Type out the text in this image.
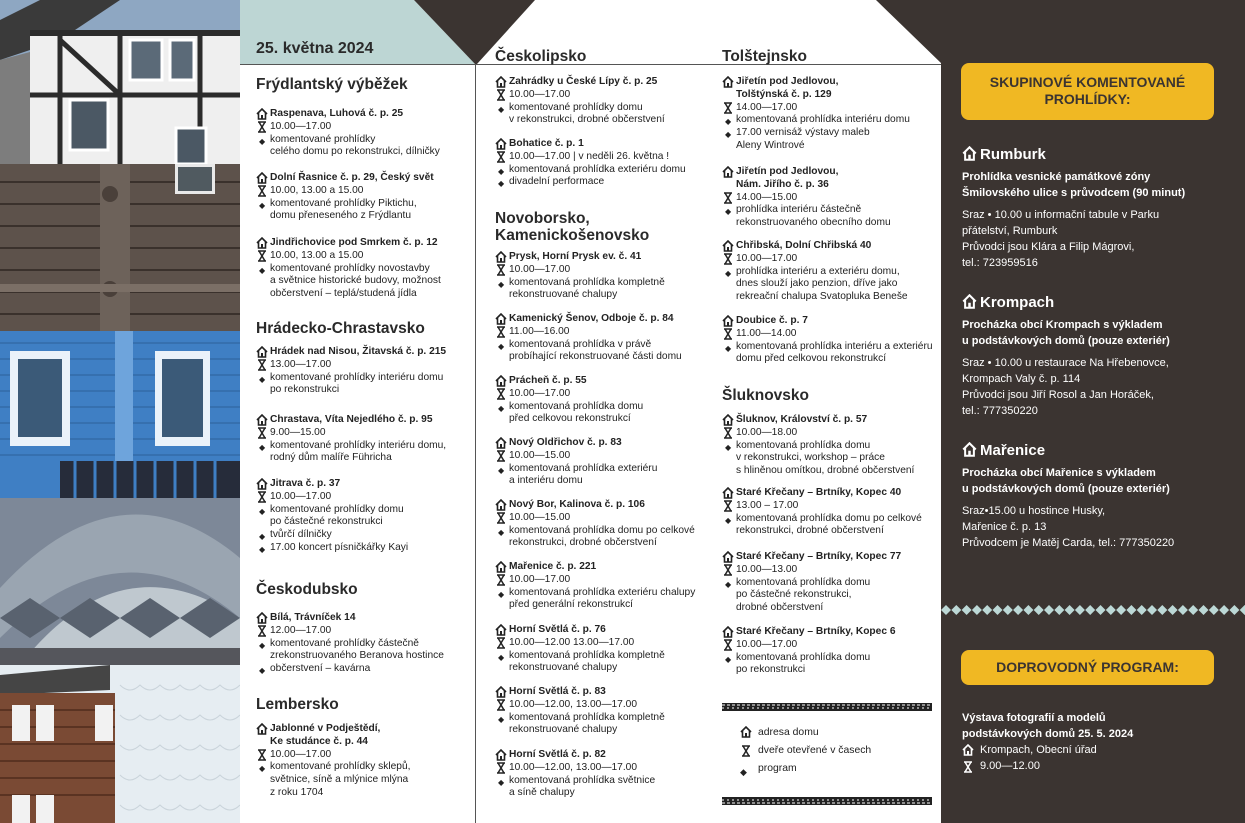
25. května 2024
Frýdlantský výběžek
Raspenava, Luhová č. p. 25
10.00—17.00
◆ komentované prohlídky
celého domu po rekonstrukci, dílničky
Dolní Řasnice č. p. 29, Český svět
10.00, 13.00 a 15.00
◆ komentované prohlídky Piktichu,
domu přeneseného z Frýdlantu
Jindřichovice pod Smrkem č. p. 12
10.00, 13.00 a 15.00
◆ komentované prohlídky novostavby
a světnice historické budovy, možnost
občerstvení – teplá/studená jídla
Hrádecko-Chrastavsko
Hrádek nad Nisou, Žitavská č. p. 215
13.00—17.00
◆ komentované prohlídky interiéru domu
po rekonstrukci
Chrastava, Víta Nejedlého č. p. 95
9.00—15.00
◆ komentované prohlídky interiéru domu,
rodný dům malíře Führicha
Jitrava č. p. 37
10.00—17.00
◆ komentované prohlídky domu
po částečné rekonstrukci
◆ tvůrčí dílničky
◆ 17.00 koncert písničkářky Kayi
Českodubsko
Bílá, Trávníček 14
12.00—17.00
◆ komentované prohlídky částečně
zrekonstruovaného Beranova hostince
◆ občerstvení – kavárna
Lembersko
Jablonné v Podještědí,
Ke studánce č. p. 44
10.00—17.00
◆ komentované prohlídky sklepů,
světnice, síně a mlýnice mlýna
z roku 1704
Českolipsko
Zahrádky u České Lípy č. p. 25
10.00—17.00
◆ komentované prohlídky domu
v rekonstrukci, drobné občerstvení
Bohatice č. p. 1
10.00—17.00 | v neděli 26. května !
◆ komentovaná prohlídka exteriéru domu
◆ divadelní performace
Novoborsko, Kamenickošenovsko
Prysk, Horní Prysk ev. č. 41
10.00—17.00
◆ komentovaná prohlídka kompletně
rekonstruované chalupy
Kamenický Šenov, Odboje č. p. 84
11.00—16.00
◆ komentovaná prohlídka v právě
probíhající rekonstruované části domu
Prácheň č. p. 55
10.00—17.00
◆ komentovaná prohlídka domu
před celkovou rekonstrukcí
Nový Oldřichov č. p. 83
10.00—15.00
◆ komentovaná prohlídka exteriéru
a interiéru domu
Nový Bor, Kalinova č. p. 106
10.00—15.00
◆ komentovaná prohlídka domu po celkové
rekonstrukci, drobné občerstvení
Mařenice č. p. 221
10.00—17.00
◆ komentovaná prohlídka exteriéru chalupy
před generální rekonstrukcí
Horní Světlá č. p. 76
10.00—12.00 13.00—17.00
◆ komentovaná prohlídka kompletně
rekonstruované chalupy
Horní Světlá č. p. 83
10.00—12.00, 13.00—17.00
◆ komentovaná prohlídka kompletně
rekonstruované chalupy
Horní Světlá č. p. 82
10.00—12.00, 13.00—17.00
◆ komentovaná prohlídka světnice
a síně chalupy
Tolštejnsko
Jiřetín pod Jedlovou,
Tolštýnská č. p. 129
14.00—17.00
◆ komentovaná prohlídka interiéru domu
◆ 17.00 vernisáž výstavy maleb
Aleny Wintrové
Jiřetín pod Jedlovou,
Nám. Jiřího č. p. 36
14.00—15.00
◆ prohlídka interiéru částečně
rekonstruovaného obecního domu
Chřibská, Dolní Chřibská 40
10.00—17.00
◆ prohlídka interiéru a exteriéru domu,
dnes slouží jako penzion, dříve jako
rekreační chalupa Svatopluka Beneše
Doubice č. p. 7
11.00—14.00
◆ komentovaná prohlídka interiéru a exteriéru
domu před celkovou rekonstrukcí
Šluknovsko
Šluknov, Království č. p. 57
10.00—18.00
◆ komentovaná prohlídka domu
v rekonstrukci, workshop – práce
s hliněnou omítkou, drobné občerstvení
Staré Křečany – Brtníky, Kopec 40
13.00 – 17.00
◆ komentovaná prohlídka domu po celkové
rekonstrukci, drobné občerstvení
Staré Křečany – Brtníky, Kopec 77
10.00—13.00
◆ komentovaná prohlídka domu
po částečné rekonstrukci,
drobné občerstvení
Staré Křečany – Brtníky, Kopec 6
10.00—17.00
◆ komentovaná prohlídka domu
po rekonstrukci
adresa domu
dveře otevřené v časech
◆	program
SKUPINOVÉ KOMENTOVANÉ
PROHLÍDKY:
Rumburk
Prohlídka vesnické památkové zóny
Šmilovského ulice s průvodcem (90 minut)
Sraz • 10.00 u informační tabule v Parku
přátelství, Rumburk
Průvodci jsou Klára a Filip Mágrovi,
tel.: 723959516
Krompach
Procházka obcí Krompach s výkladem
u podstávkových domů (pouze exteriér)
Sraz • 10.00 u restaurace Na Hřebenovce,
Krompach Valy č. p. 114
Průvodci jsou Jiří Rosol a Jan Horáček,
tel.: 777350220
Mařenice
Procházka obcí Mařenice s výkladem
u podstávkových domů (pouze exteriér)
Sraz•15.00 u hostince Husky,
Mařenice č. p. 13
Průvodcem je Matěj Carda, tel.: 777350220
DOPROVODNÝ PROGRAM:
Výstava fotografií a modelů
podstávkových domů 25. 5. 2024
Krompach, Obecní úřad
9.00—12.00
